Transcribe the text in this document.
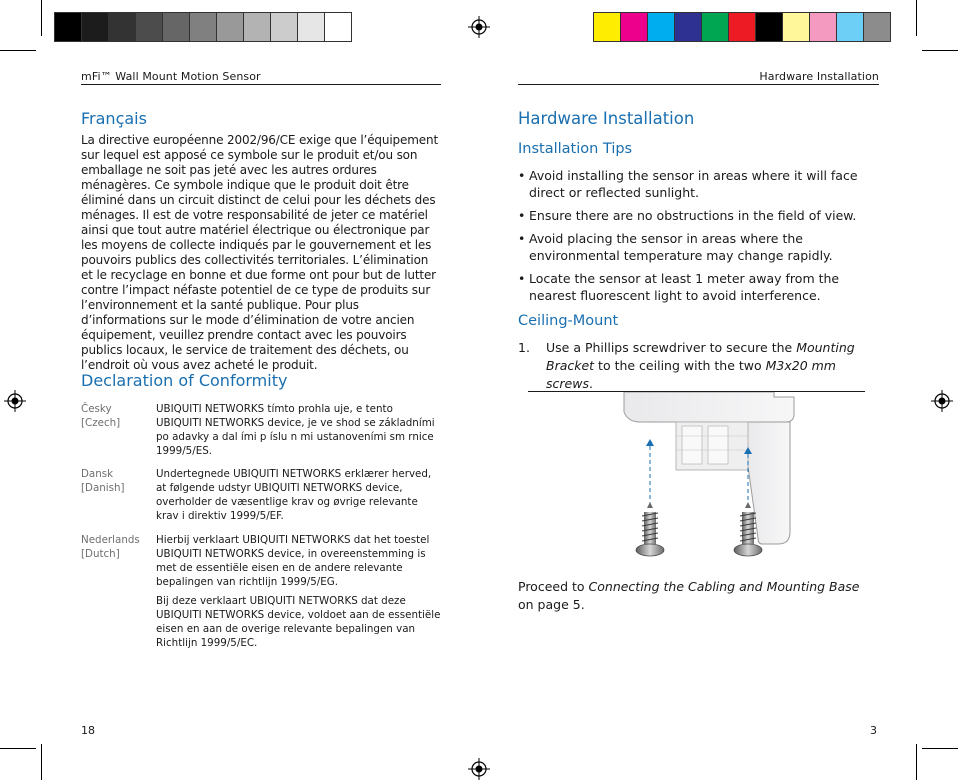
mFi™ Wall Mount Motion Sensor
Français

La directive européenne 2002/96/CE exige que l’équipement sur lequel est apposé ce symbole sur le produit et/ou son emballage ne soit pas jeté avec les autres ordures ménagères. Ce symbole indique que le produit doit être éliminé dans un circuit distinct de celui pour les déchets des ménages. Il est de votre responsabilité de jeter ce matériel ainsi que tout autre matériel électrique ou électronique par les moyens de collecte indiqués par le gouvernement et les pouvoirs publics des collectivités territoriales. L’élimination et le recyclage en bonne et due forme ont pour but de lutter contre l’impact néfaste potentiel de ce type de produits sur l’environnement et la santé publique. Pour plus d’informations sur le mode d’élimination de votre ancien équipement, veuillez prendre contact avec les pouvoirs publics locaux, le service de traitement des déchets, ou l’endroit où vous avez acheté le produit.

Declaration of Conformity
Česky
[Czech]
UBIQUITI NETWORKS tímto prohla uje, e tento UBIQUITI NETWORKS device, je ve shod se základními po adavky a dal ími p íslu n mi ustanoveními sm rnice 1999/5/ES.
Dansk
[Danish]
Undertegnede UBIQUITI NETWORKS erklærer herved, at følgende udstyr UBIQUITI NETWORKS device, overholder de væsentlige krav og øvrige relevante krav i direktiv 1999/5/EF.
Nederlands
[Dutch]
Hierbij verklaart UBIQUITI NETWORKS dat het toestel UBIQUITI NETWORKS device, in overeenstemming is met de essentiële eisen en de andere relevante bepalingen van richtlijn 1999/5/EG.
Bij deze verklaart UBIQUITI NETWORKS dat deze UBIQUITI NETWORKS device, voldoet aan de essentiële eisen en aan de overige relevante bepalingen van Richtlijn 1999/5/EC.
18
Hardware Installation
Hardware Installation
Installation Tips
• Avoid installing the sensor in areas where it will face direct or reflected sunlight.
• Ensure there are no obstructions in the field of view.
• Avoid placing the sensor in areas where the environmental temperature may change rapidly.
• Locate the sensor at least 1 meter away from the nearest fluorescent light to avoid interference.
Ceiling-Mount
1. Use a Phillips screwdriver to secure the Mounting Bracket to the ceiling with the two M3x20 mm screws.

Proceed to Connecting the Cabling and Mounting Base on page 5.

3
